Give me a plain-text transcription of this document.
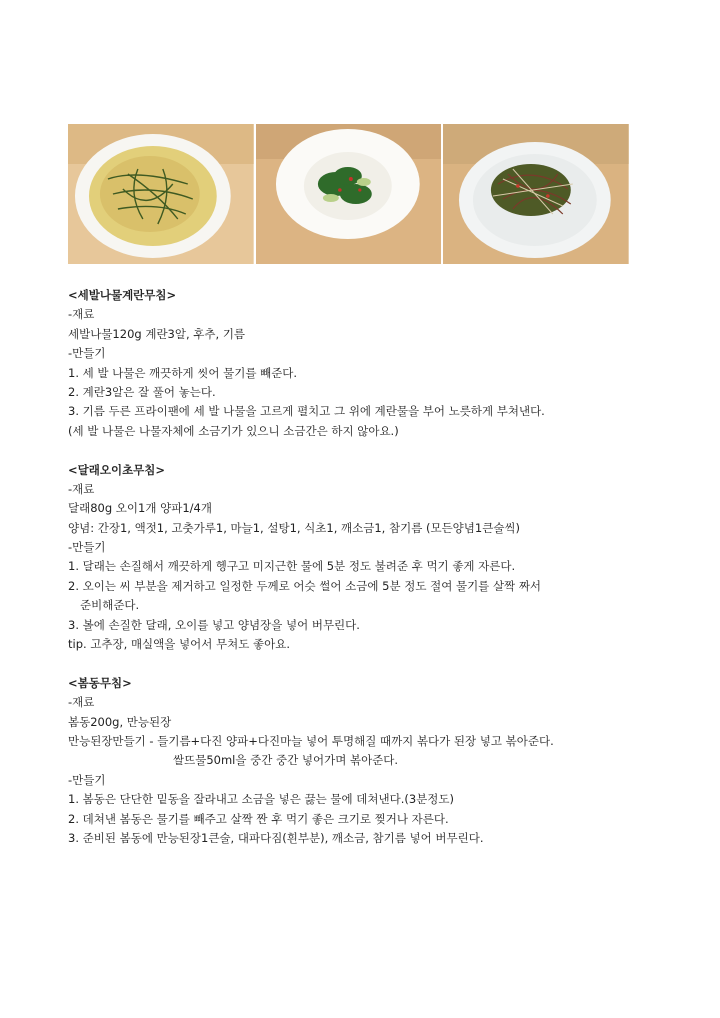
<세발나물계란무침>
-재료
세발나물120g 계란3알, 후추, 기름
-만들기
1. 세 발 나물은 깨끗하게 씻어 물기를 빼준다.
2. 계란3알은 잘 풀어 놓는다.
3. 기름 두른 프라이팬에 세 발 나물을 고르게 펼치고 그 위에 계란물을 부어 노릇하게 부쳐낸다.
(세 발 나물은 나물자체에 소금기가 있으니 소금간은 하지 않아요.)
<달래오이초무침>
-재료
달래80g 오이1개 양파1/4개
양념: 간장1, 액젓1, 고춧가루1, 마늘1, 설탕1, 식초1, 깨소금1, 참기름 (모든양념1큰술씩)
-만들기
1. 달래는 손질해서 깨끗하게 헹구고 미지근한 물에 5분 정도 불려준 후 먹기 좋게 자른다.
2. 오이는 씨 부분을 제거하고 일정한 두께로 어슷 썰어 소금에 5분 정도 절여 물기를 살짝 짜서
준비해준다.
3. 볼에 손질한 달래, 오이를 넣고 양념장을 넣어 버무린다.
tip. 고추장, 매실액을 넣어서 무쳐도 좋아요.
<봄동무침>
-재료
봄동200g, 만능된장
만능된장만들기 - 들기름+다진 양파+다진마늘 넣어 투명해질 때까지 볶다가 된장 넣고 볶아준다.
쌀뜨물50ml을 중간 중간 넣어가며 볶아준다.
-만들기
1. 봄동은 단단한 밑동을 잘라내고 소금을 넣은 끓는 물에 데쳐낸다.(3분정도)
2. 데쳐낸 봄동은 물기를 빼주고 살짝 짠 후 먹기 좋은 크기로 찢거나 자른다.
3. 준비된 봄동에 만능된장1큰술, 대파다짐(흰부분), 깨소금, 참기름 넣어 버무린다.
